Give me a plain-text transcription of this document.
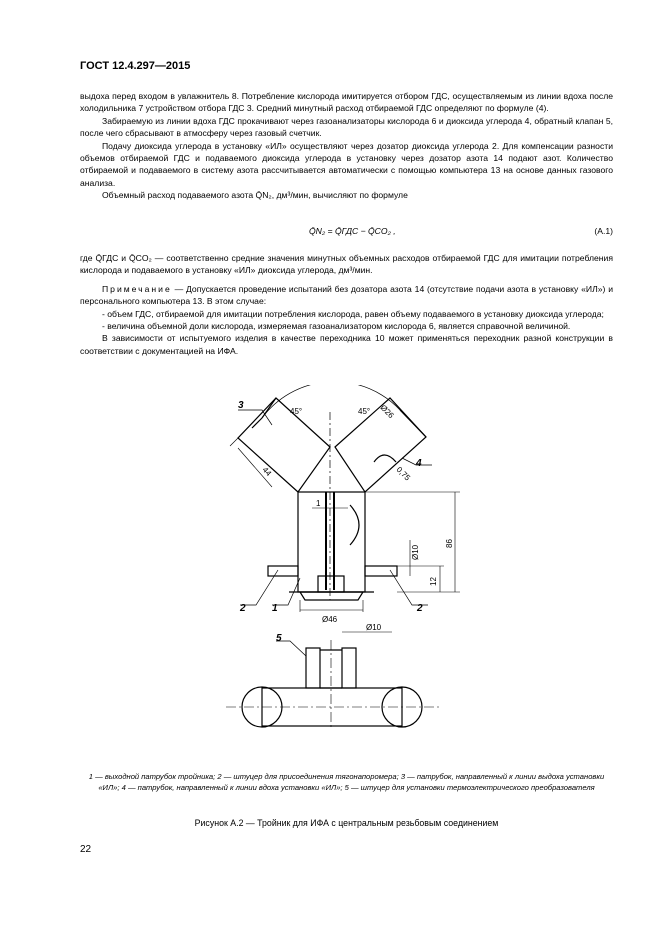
ГОСТ 12.4.297—2015

выдоха перед входом в увлажнитель 8. Потребление кислорода имитируется отбором ГДС, осуществляемым из линии вдоха после холодильника 7 устройством отбора ГДС 3. Средний минутный расход отбираемой ГДС определяют по формуле (4).

Забираемую из линии вдоха ГДС прокачивают через газоанализаторы кислорода 6 и диоксида углерода 4, обратный клапан 5, после чего сбрасывают в атмосферу через газовый счетчик.

Подачу диоксида углерода в установку «ИЛ» осуществляют через дозатор диоксида углерода 2. Для компенсации разности объемов отбираемой ГДС и подаваемого диоксида углерода в установку через дозатор азота 14 подают азот. Количество отбираемой и подаваемого в систему азота рассчитывается автоматически с помощью компьютера 13 на основе данных газового анализа.

Объемный расход подаваемого азота Q̄N₂, дм³/мин, вычисляют по формуле

Q̄N₂ = Q̄ГДС − Q̄CO₂ ,	(А.1)

где Q̄ГДС и Q̄CO₂ — соответственно средние значения минутных объемных расходов отбираемой ГДС для имитации потребления кислорода и подаваемого в установку «ИЛ» диоксида углерода, дм³/мин.

Примечание — Допускается проведение испытаний без дозатора азота 14 (отсутствие подачи азота в установку «ИЛ») и персонального компьютера 13. В этом случае:

- объем ГДС, отбираемой для имитации потребления кислорода, равен объему подаваемого в установку диоксида углерода;

- величина объемной доли кислорода, измеряемая газоанализатором кислорода 6, является справочной величиной.

В зависимости от испытуемого изделия в качестве переходника 10 может применяться переходник разной конструкции в соответствии с документацией на ИФА.

3
4
2	1	2
5
45°	45° Ø26
44	0,75
1
Ø10
86
12
Ø46
Ø10
1 — выходной патрубок тройника; 2 — штуцер для присоединения тягонапоромера; 3 — патрубок, направленный к линии выдоха установки «ИЛ»; 4 — патрубок, направленный к линии вдоха установки «ИЛ»; 5 — штуцер для установки термоэлектрического преобразователя
Рисунок А.2 — Тройник для ИФА с центральным резьбовым соединением
22
